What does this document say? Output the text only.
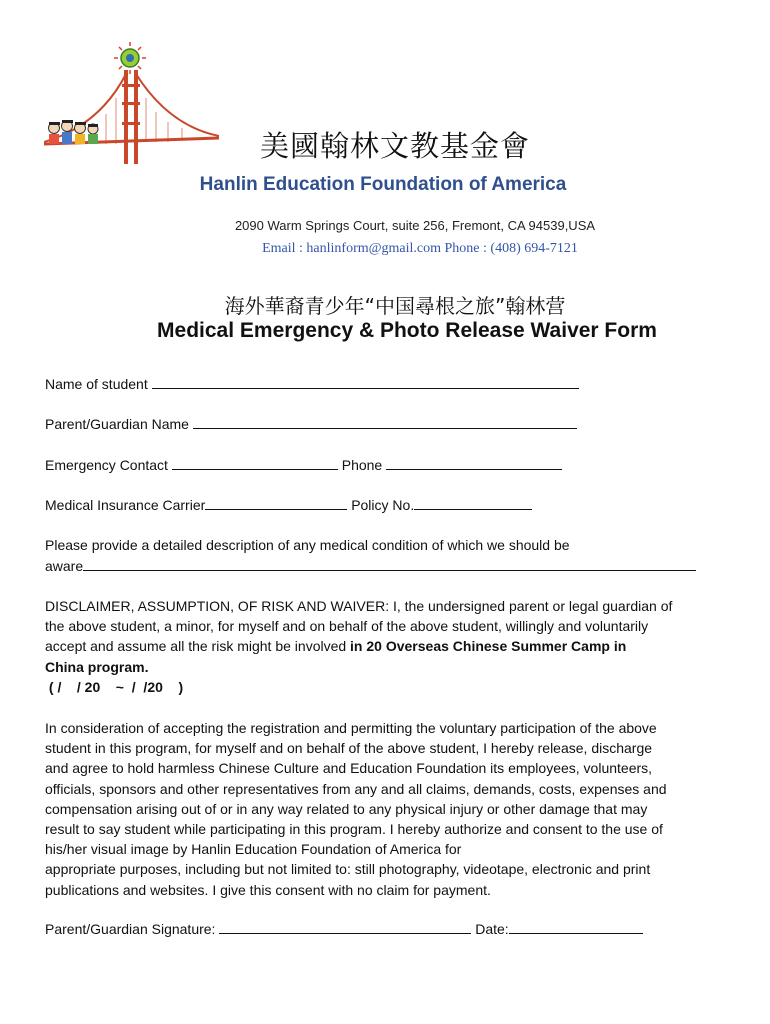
美國翰林文教基金會
Hanlin Education Foundation of America
2090 Warm Springs Court, suite 256, Fremont, CA 94539,USA
Email : hanlinform@gmail.com Phone : (408) 694-7121
海外華裔青少年“中国尋根之旅”翰林营
Medical Emergency & Photo Release Waiver Form
Name of student
Parent/Guardian Name
Emergency Contact	Phone
Medical Insurance Carrier	Policy No.
Please provide a detailed description of any medical condition of which we should be
aware

DISCLAIMER, ASSUMPTION, OF RISK AND WAIVER: I, the undersigned parent or legal guardian of

the above student, a minor, for myself and on behalf of the above student, willingly and voluntarily

accept and assume all the risk might be involved in 20 Overseas Chinese Summer Camp in

China program.

( /    / 20    ~  /  /20    )

In consideration of accepting the registration and permitting the voluntary participation of the above

student in this program, for myself and on behalf of the above student, I hereby release, discharge

and agree to hold harmless Chinese Culture and Education Foundation its employees, volunteers,

officials, sponsors and other representatives from any and all claims, demands, costs, expenses and

compensation arising out of or in any way related to any physical injury or other damage that may

result to say student while participating in this program. I hereby authorize and consent to the use of

his/her visual image by Hanlin Education Foundation of America for

appropriate purposes, including but not limited to: still photography, videotape, electronic and print

publications and websites. I give this consent with no claim for payment.

Parent/Guardian Signature:	Date:
